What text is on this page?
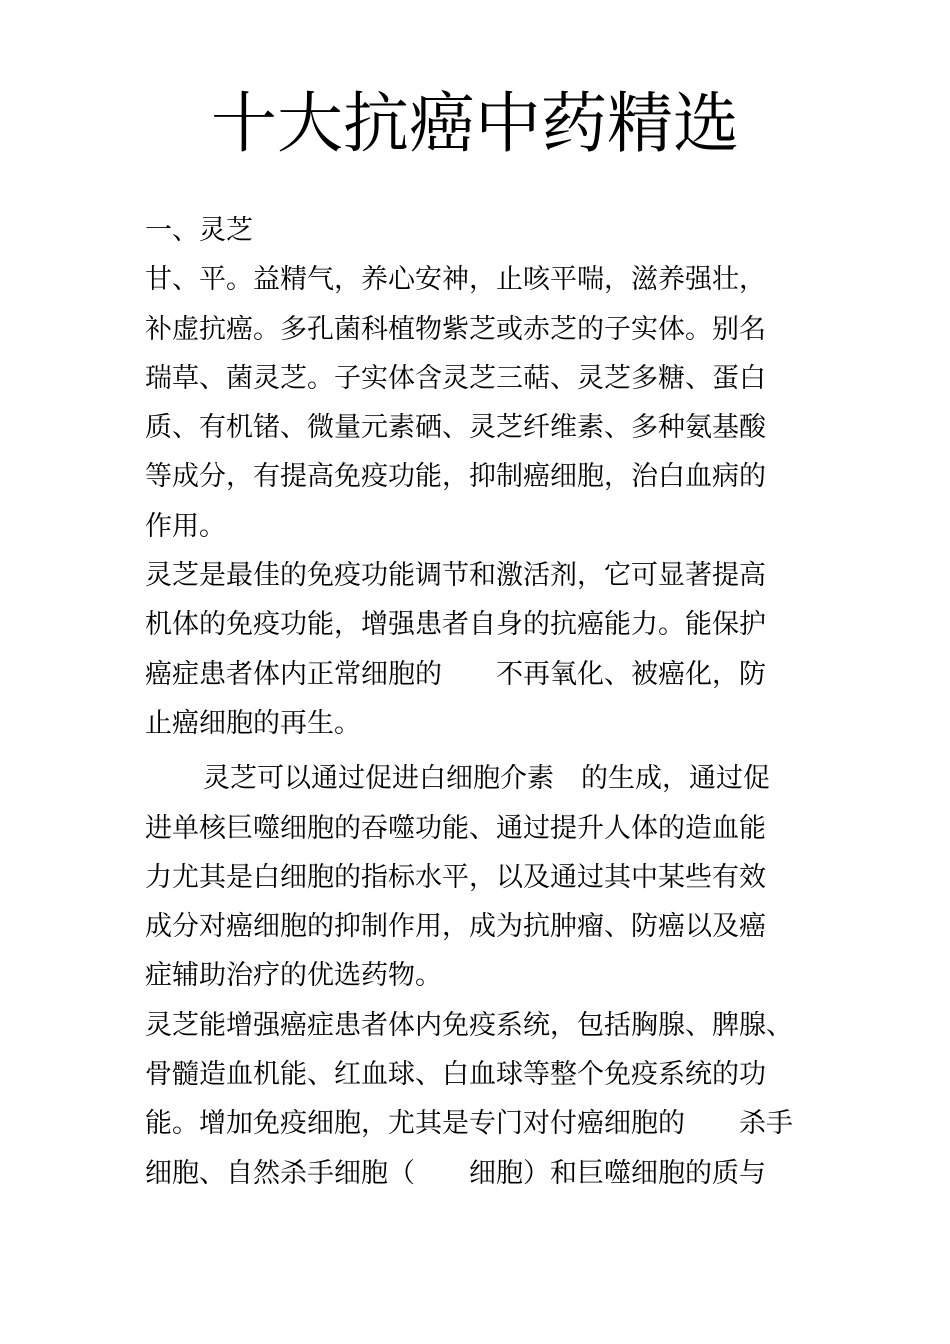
十大抗癌中药精选
一、灵芝
甘、平。益精气，养心安神，止咳平喘，滋养强壮，
补虚抗癌。多孔菌科植物紫芝或赤芝的子实体。别名
瑞草、菌灵芝。子实体含灵芝三萜、灵芝多糖、蛋白
质、有机锗、微量元素硒、灵芝纤维素、多种氨基酸
等成分，有提高免疫功能，抑制癌细胞，治白血病的
作用。
灵芝是最佳的免疫功能调节和激活剂，它可显著提高
机体的免疫功能，增强患者自身的抗癌能力。能保护
癌症患者体内正常细胞的　　不再氧化、被癌化，防
止癌细胞的再生。
灵芝可以通过促进白细胞介素　的生成，通过促
进单核巨噬细胞的吞噬功能、通过提升人体的造血能
力尤其是白细胞的指标水平，以及通过其中某些有效
成分对癌细胞的抑制作用，成为抗肿瘤、防癌以及癌
症辅助治疗的优选药物。
灵芝能增强癌症患者体内免疫系统，包括胸腺、脾腺、
骨髓造血机能、红血球、白血球等整个免疫系统的功
能。增加免疫细胞，尤其是专门对付癌细胞的　　杀手
细胞、自然杀手细胞（　　细胞）和巨噬细胞的质与
